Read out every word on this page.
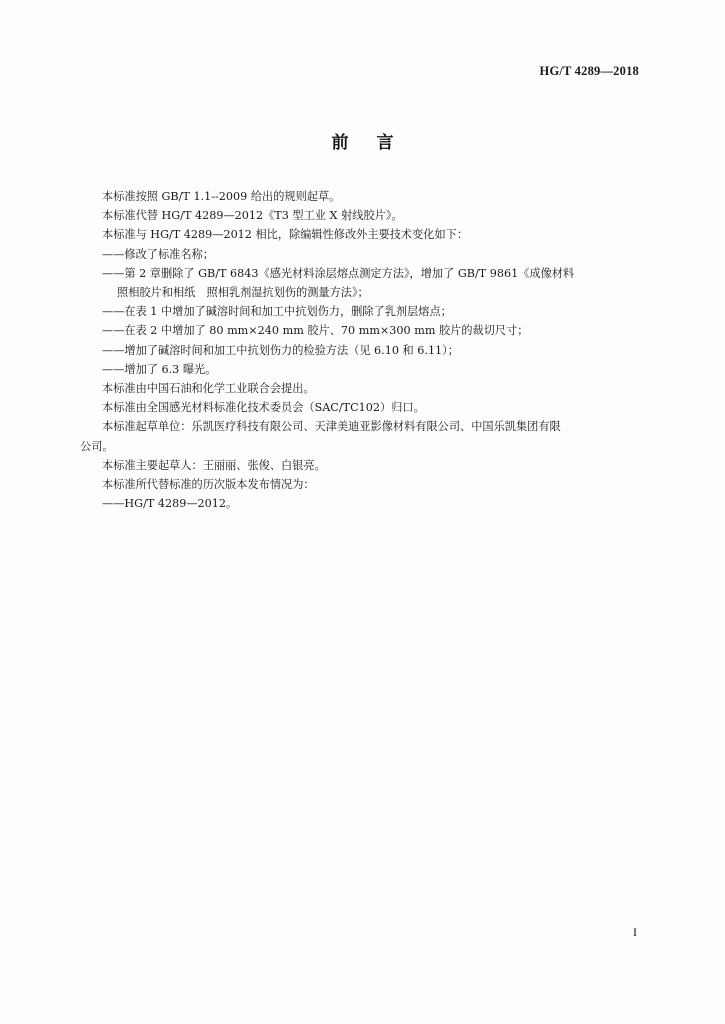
HG/T 4289—2018
前言
本标准按照 GB/T 1.1--2009 给出的规则起草。
本标准代替 HG/T 4289—2012《T3 型工业 X 射线胶片》。
本标准与 HG/T 4289—2012 相比，除编辑性修改外主要技术变化如下：
——修改了标准名称；
——第 2 章删除了 GB/T 6843《感光材料涂层熔点测定方法》，增加了 GB/T 9861《成像材料
照相胶片和相纸　照相乳剂湿抗划伤的测量方法》；
——在表 1 中增加了碱溶时间和加工中抗划伤力，删除了乳剂层熔点；
——在表 2 中增加了 80 mm×240 mm 胶片、70 mm×300 mm 胶片的裁切尺寸；
——增加了碱溶时间和加工中抗划伤力的检验方法（见 6.10 和 6.11）；
——增加了 6.3 曝光。
本标准由中国石油和化学工业联合会提出。
本标准由全国感光材料标准化技术委员会（SAC/TC102）归口。
本标准起草单位：乐凯医疗科技有限公司、天津美迪亚影像材料有限公司、中国乐凯集团有限
公司。
本标准主要起草人：王丽丽、张俊、白银亮。
本标准所代替标准的历次版本发布情况为：
——HG/T 4289—2012。
I
